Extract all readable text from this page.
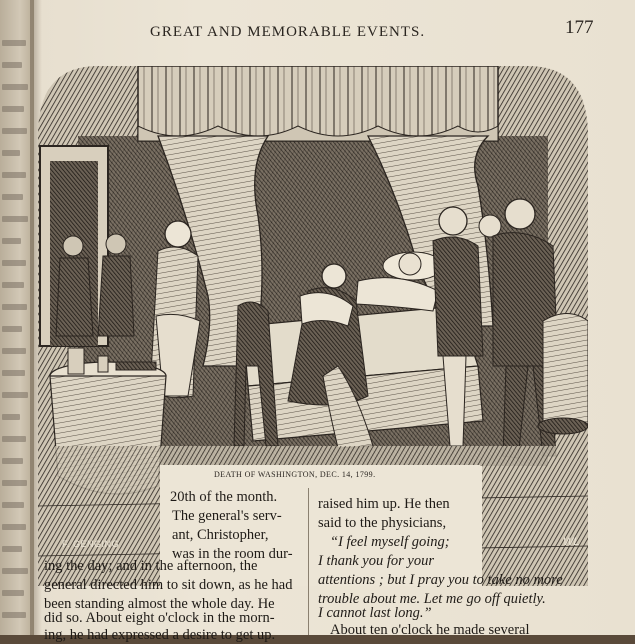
GREAT AND MEMORABLE EVENTS.	177
DEATH OF WASHINGTON, DEC. 14, 1799.
F. GENGING	WL
20th of the month.
The general's serv-
ant, Christopher,
was in the room dur-
ing the day; and in the afternoon, the
general directed him to sit down, as he had
been standing almost the whole day. He
did so. About eight o'clock in the morn-
ing, he had expressed a desire to get up.
raised him up. He then
said to the physicians,
“I feel myself going;
I thank you for your
attentions ; but I pray you to take no more
trouble about me. Let me go off quietly.
I cannot last long.”
About ten o'clock he made several
